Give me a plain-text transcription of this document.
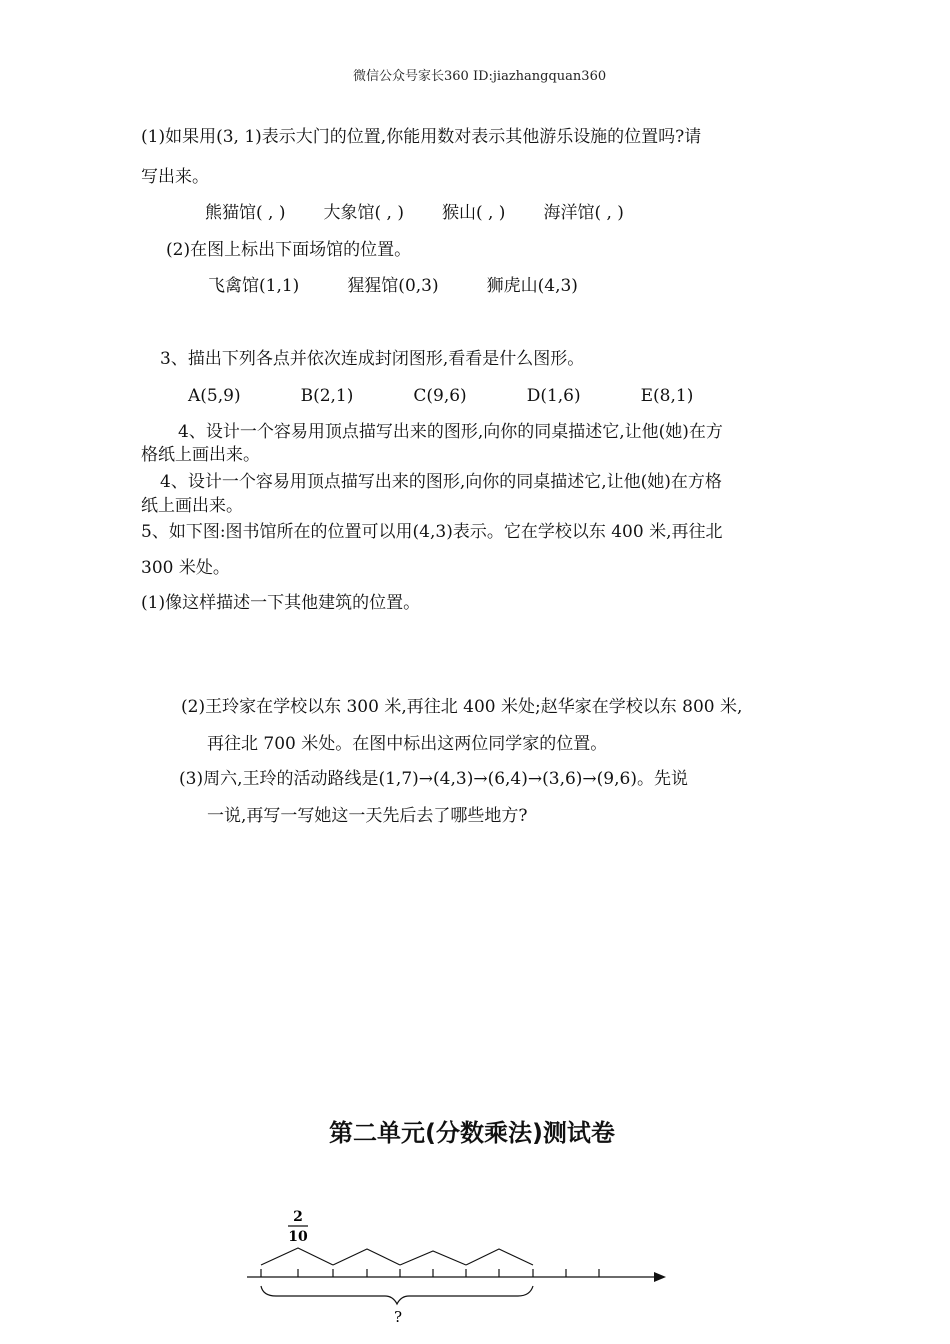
微信公众号家长360 ID:jiazhangquan360
(1)如果用(3, 1)表示大门的位置,你能用数对表示其他游乐设施的位置吗?请
写出来。
熊猫馆( , ) 大象馆( , ) 猴山( , ) 海洋馆( , )
(2)在图上标出下面场馆的位置。
飞禽馆(1,1)	猩猩馆(0,3)	狮虎山(4,3)
3、描出下列各点并依次连成封闭图形,看看是什么图形。
A(5,9)	B(2,1)	C(9,6)	D(1,6)	E(8,1)
4、设计一个容易用顶点描写出来的图形,向你的同桌描述它,让他(她)在方
格纸上画出来。
4、设计一个容易用顶点描写出来的图形,向你的同桌描述它,让他(她)在方格
纸上画出来。
5、如下图:图书馆所在的位置可以用(4,3)表示。它在学校以东 400 米,再往北
300 米处。
(1)像这样描述一下其他建筑的位置。
(2)王玲家在学校以东 300 米,再往北 400 米处;赵华家在学校以东 800 米,
再往北 700 米处。在图中标出这两位同学家的位置。
(3)周六,王玲的活动路线是(1,7)→(4,3)→(6,4)→(3,6)→(9,6)。先说
一说,再写一写她这一天先后去了哪些地方?
第二单元(分数乘法)测试卷
2
10
?
